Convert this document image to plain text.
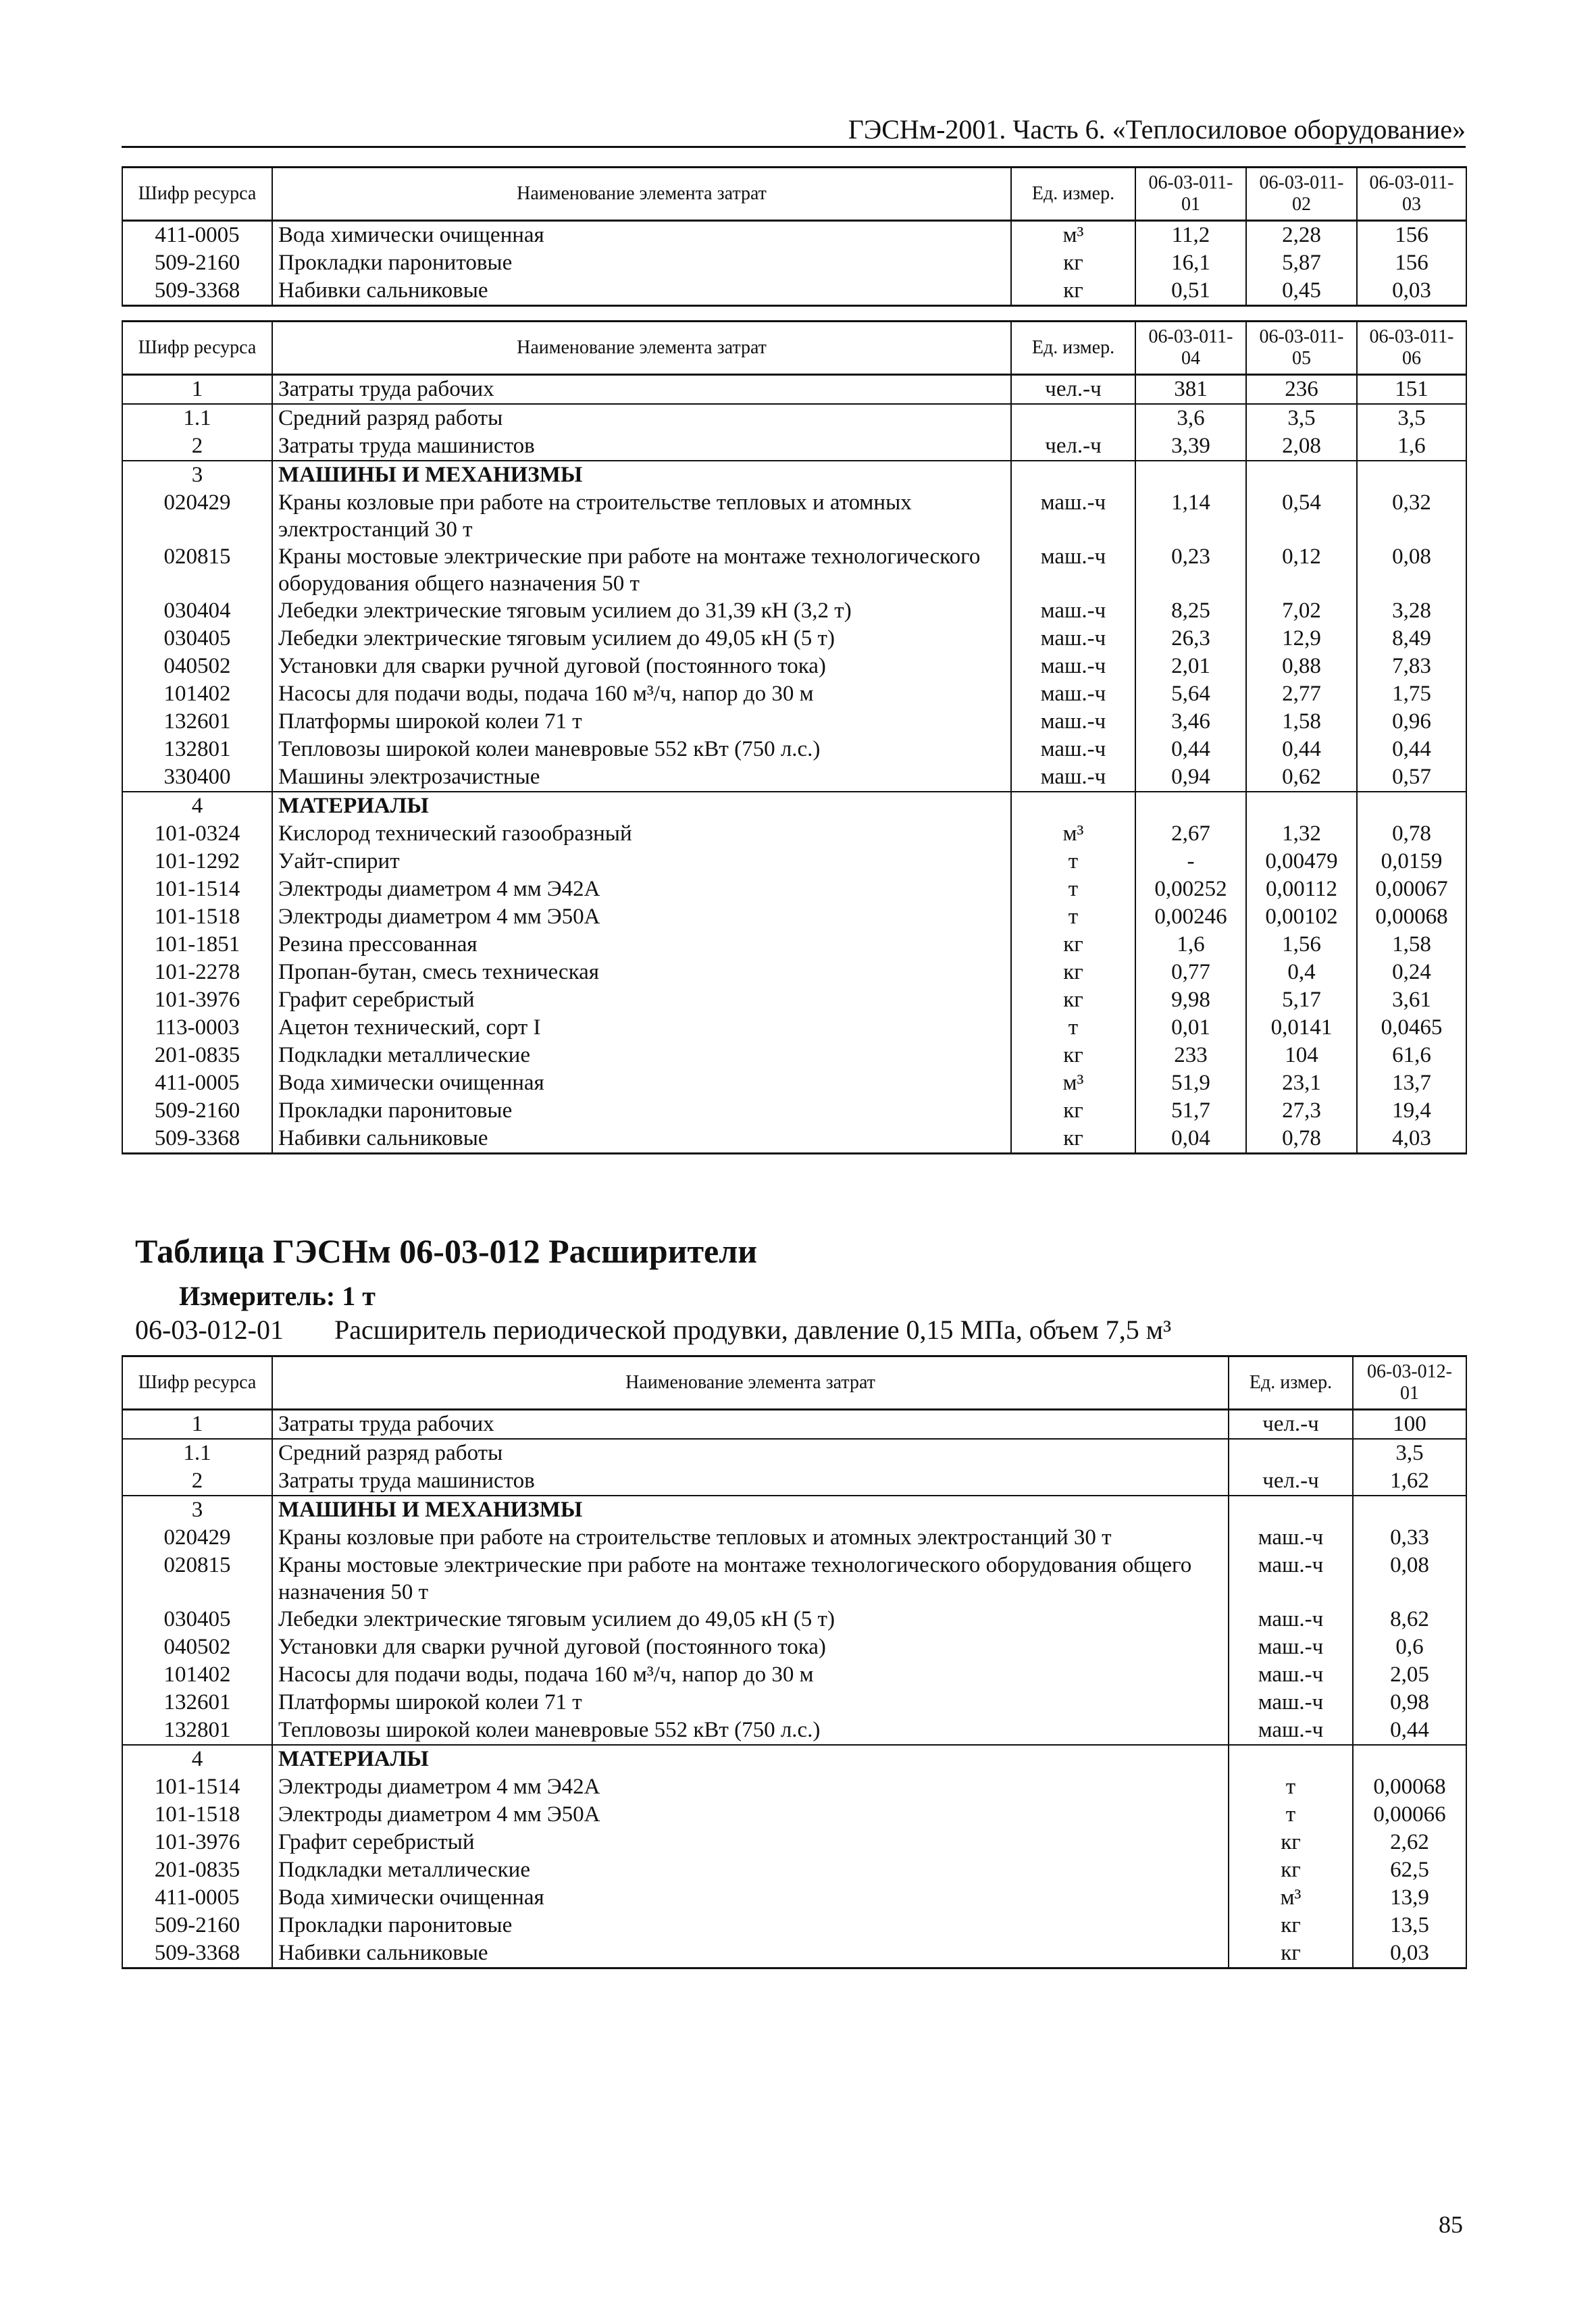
ГЭСНм-2001. Часть 6. «Теплосиловое оборудование»
Шифр ресурса	Наименование элемента затрат	Ед. измер.	06-03-011-01	06-03-011-02	06-03-011-03
411-0005	Вода химически очищенная	м³	11,2	2,28	156
509-2160	Прокладки паронитовые	кг	16,1	5,87	156
509-3368	Набивки сальниковые	кг	0,51	0,45	0,03
Шифр ресурса	Наименование элемента затрат	Ед. измер.	06-03-011-04	06-03-011-05	06-03-011-06
1	Затраты труда рабочих	чел.-ч	381	236	151
1.1	Средний разряд работы		3,6	3,5	3,5
2	Затраты труда машинистов	чел.-ч	3,39	2,08	1,6
3	МАШИНЫ И МЕХАНИЗМЫ				
020429	Краны козловые при работе на строительстве тепловых и атомных электростанций 30 т	маш.-ч	1,14	0,54	0,32
020815	Краны мостовые электрические при работе на монтаже технологического оборудования общего назначения 50 т	маш.-ч	0,23	0,12	0,08
030404	Лебедки электрические тяговым усилием до 31,39 кН (3,2 т)	маш.-ч	8,25	7,02	3,28
030405	Лебедки электрические тяговым усилием до 49,05 кН (5 т)	маш.-ч	26,3	12,9	8,49
040502	Установки для сварки ручной дуговой (постоянного тока)	маш.-ч	2,01	0,88	7,83
101402	Насосы для подачи воды, подача 160 м³/ч, напор до 30 м	маш.-ч	5,64	2,77	1,75
132601	Платформы широкой колеи 71 т	маш.-ч	3,46	1,58	0,96
132801	Тепловозы широкой колеи маневровые 552 кВт (750 л.с.)	маш.-ч	0,44	0,44	0,44
330400	Машины электрозачистные	маш.-ч	0,94	0,62	0,57
4	МАТЕРИАЛЫ				
101-0324	Кислород технический газообразный	м³	2,67	1,32	0,78
101-1292	Уайт-спирит	т	-	0,00479	0,0159
101-1514	Электроды диаметром 4 мм Э42А	т	0,00252	0,00112	0,00067
101-1518	Электроды диаметром 4 мм Э50А	т	0,00246	0,00102	0,00068
101-1851	Резина прессованная	кг	1,6	1,56	1,58
101-2278	Пропан-бутан, смесь техническая	кг	0,77	0,4	0,24
101-3976	Графит серебристый	кг	9,98	5,17	3,61
113-0003	Ацетон технический, сорт I	т	0,01	0,0141	0,0465
201-0835	Подкладки металлические	кг	233	104	61,6
411-0005	Вода химически очищенная	м³	51,9	23,1	13,7
509-2160	Прокладки паронитовые	кг	51,7	27,3	19,4
509-3368	Набивки сальниковые	кг	0,04	0,78	4,03
Таблица ГЭСНм 06-03-012 Расширители
Измеритель: 1 т
06-03-012-01 Расширитель периодической продувки, давление 0,15 МПа, объем 7,5 м³
Шифр ресурса	Наименование элемента затрат	Ед. измер.	06-03-012-01
1	Затраты труда рабочих	чел.-ч	100
1.1	Средний разряд работы		3,5
2	Затраты труда машинистов	чел.-ч	1,62
3	МАШИНЫ И МЕХАНИЗМЫ		
020429	Краны козловые при работе на строительстве тепловых и атомных электростанций 30 т	маш.-ч	0,33
020815	Краны мостовые электрические при работе на монтаже технологического оборудования общего назначения 50 т	маш.-ч	0,08
030405	Лебедки электрические тяговым усилием до 49,05 кН (5 т)	маш.-ч	8,62
040502	Установки для сварки ручной дуговой (постоянного тока)	маш.-ч	0,6
101402	Насосы для подачи воды, подача 160 м³/ч, напор до 30 м	маш.-ч	2,05
132601	Платформы широкой колеи 71 т	маш.-ч	0,98
132801	Тепловозы широкой колеи маневровые 552 кВт (750 л.с.)	маш.-ч	0,44
4	МАТЕРИАЛЫ		
101-1514	Электроды диаметром 4 мм Э42А	т	0,00068
101-1518	Электроды диаметром 4 мм Э50А	т	0,00066
101-3976	Графит серебристый	кг	2,62
201-0835	Подкладки металлические	кг	62,5
411-0005	Вода химически очищенная	м³	13,9
509-2160	Прокладки паронитовые	кг	13,5
509-3368	Набивки сальниковые	кг	0,03
85
